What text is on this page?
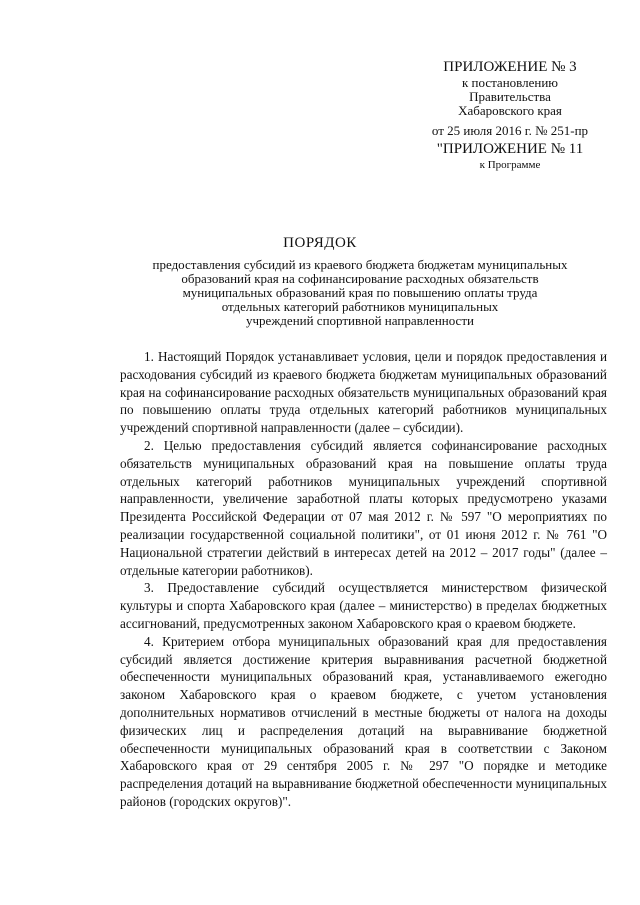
ПРИЛОЖЕНИЕ № 3

к постановлению

Правительства

Хабаровского края

от 25 июля 2016 г. № 251-пр

"ПРИЛОЖЕНИЕ № 11

к Программе

ПОРЯДОК

предоставления субсидий из краевого бюджета бюджетам муниципальных
образований края на софинансирование расходных обязательств
муниципальных образований края по повышению оплаты труда
отдельных категорий работников муниципальных
учреждений спортивной направленности

1. Настоящий Порядок устанавливает условия, цели и порядок предоставления и расходования субсидий из краевого бюджета бюджетам муниципальных образований края на софинансирование расходных обязательств муниципальных образований края по повышению оплаты труда отдельных категорий работников муниципальных учреждений спортивной направленности (далее – субсидии).

2. Целью предоставления субсидий является софинансирование расходных обязательств муниципальных образований края на повышение оплаты труда отдельных категорий работников муниципальных учреждений спортивной направленности, увеличение заработной платы которых предусмотрено указами Президента Российской Федерации от 07 мая 2012 г. № 597 "О мероприятиях по реализации государственной социальной политики", от 01 июня 2012 г. № 761 "О Национальной стратегии действий в интересах детей на 2012 – 2017 годы" (далее – отдельные категории работников).

3. Предоставление субсидий осуществляется министерством физической культуры и спорта Хабаровского края (далее – министерство) в пределах бюджетных ассигнований, предусмотренных законом Хабаровского края о краевом бюджете.

4. Критерием отбора муниципальных образований края для предоставления субсидий является достижение критерия выравнивания расчетной бюджетной обеспеченности муниципальных образований края, устанавливаемого ежегодно законом Хабаровского края о краевом бюджете, с учетом установления дополнительных нормативов отчислений в местные бюджеты от налога на доходы физических лиц и распределения дотаций на выравнивание бюджетной обеспеченности муниципальных образований края в соответствии с Законом Хабаровского края от 29 сентября 2005 г. № 297 "О порядке и методике распределения дотаций на выравнивание бюджетной обеспеченности муниципальных районов (городских округов)".
